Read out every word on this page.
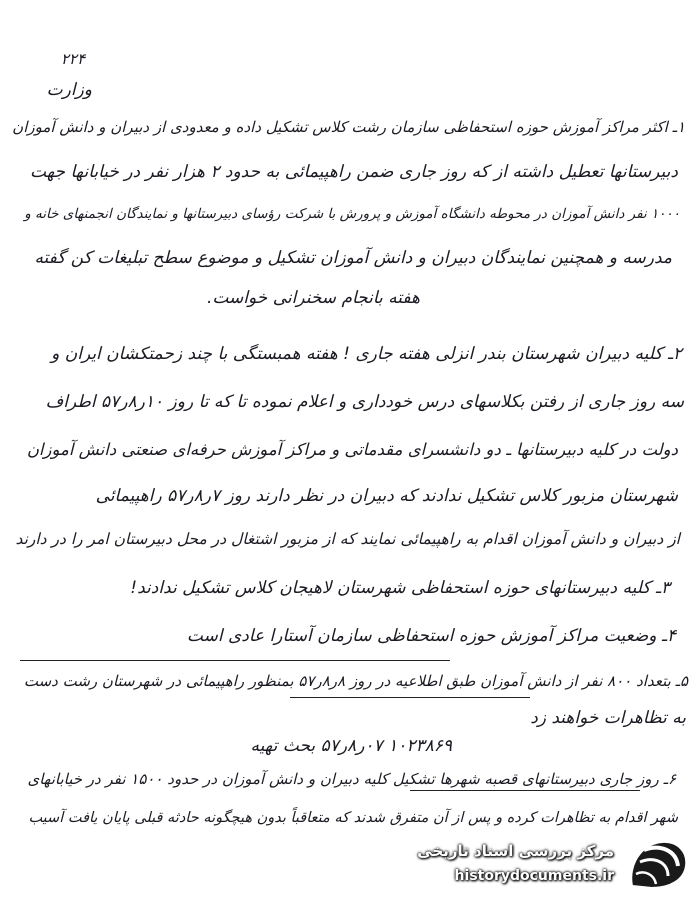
۲۲۴
وزارت
۱ـ اکثر مراکز آموزش حوزه استحفاظی سازمان رشت کلاس تشکیل داده و معدودی از دبیران و دانش آموزان
دبیرستانها تعطیل داشته از که روز جاری ضمن راهپیمائی به حدود ۲ هزار نفر در خیابانها جهت
۱۰۰۰ نفر دانش آموزان در محوطه دانشگاه آموزش و پرورش با شرکت رؤسای دبیرستانها و نمایندگان انجمنهای خانه و
مدرسه و همچنین نمایندگان دبیران و دانش آموزان تشکیل و موضوع سطح تبلیغات کن گفته
هفته بانجام سخنرانی خواست.
۲ـ کلیه دبیران شهرستان بندر انزلی هفته جاری ! هفته همبستگی با چند زحمتکشان ایران و
سه روز جاری از رفتن بکلاسهای درس خودداری و اعلام نموده تا که تا روز ۱۰ر۸ر۵۷ اطراف
دولت در کلیه دبیرستانها ـ دو دانشسرای مقدماتی و مراکز آموزش حرفه‌ای صنعتی دانش آموزان
شهرستان مزبور کلاس تشکیل ندادند که دبیران در نظر دارند روز ۷ر۸ر۵۷ راهپیمائی
از دبیران و دانش آموزان اقدام به راهپیمائی نمایند که از مزبور اشتغال در محل دبیرستان امر را در دارند
۳ـ کلیه دبیرستانهای حوزه استحفاظی شهرستان لاهیجان کلاس تشکیل ندادند!
۴ـ وضعیت مراکز آموزش حوزه استحفاظی سازمان آستارا عادی است
۵ـ بتعداد ۸۰۰ نفر از دانش آموزان طبق اطلاعیه در روز ۸ر۸ر۵۷ بمنظور راهپیمائی در شهرستان رشت دست
به تظاهرات خواهند زد
۱۰۲۳۸۶۹ ۰۷ر۸ر۵۷ بحث تهیه
۶ـ روز جاری دبیرستانهای قصبه شهرها تشکیل کلیه دبیران و دانش آموزان در حدود ۱۵۰۰ نفر در خیابانهای
شهر اقدام به تظاهرات کرده و پس از آن متفرق شدند که متعاقباً بدون هیچگونه حادثه قبلی پایان یافت آسیب
مرکز بررسی اسناد تاریخی
historydocuments.ir
